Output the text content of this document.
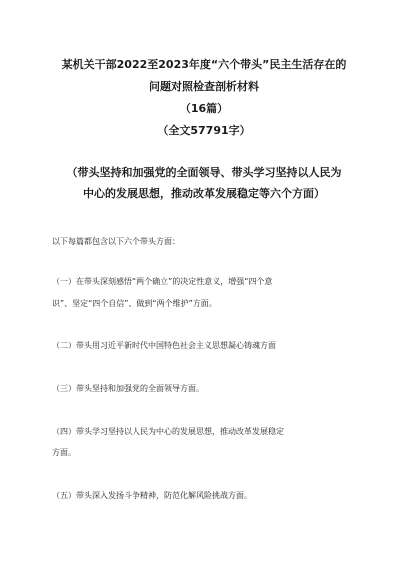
某机关干部2022至2023年度“六个带头”民主生活存在的
问题对照检查剖析材料
（16篇）
（全文57791字）
（带头坚持和加强党的全面领导、带头学习坚持以人民为
中心的发展思想，推动改革发展稳定等六个方面）
以下每篇都包含以下六个带头方面：
（一）在带头深刻感悟“两个确立”的决定性意义，增强“四个意
识”、坚定“四个自信”、做到“两个维护”方面。
（二）带头用习近平新时代中国特色社会主义思想凝心铸魂方面
（三）带头坚持和加强党的全面领导方面。
（四）带头学习坚持以人民为中心的发展思想，推动改革发展稳定
方面。
（五）带头深入发扬斗争精神，防范化解风险挑战方面。
